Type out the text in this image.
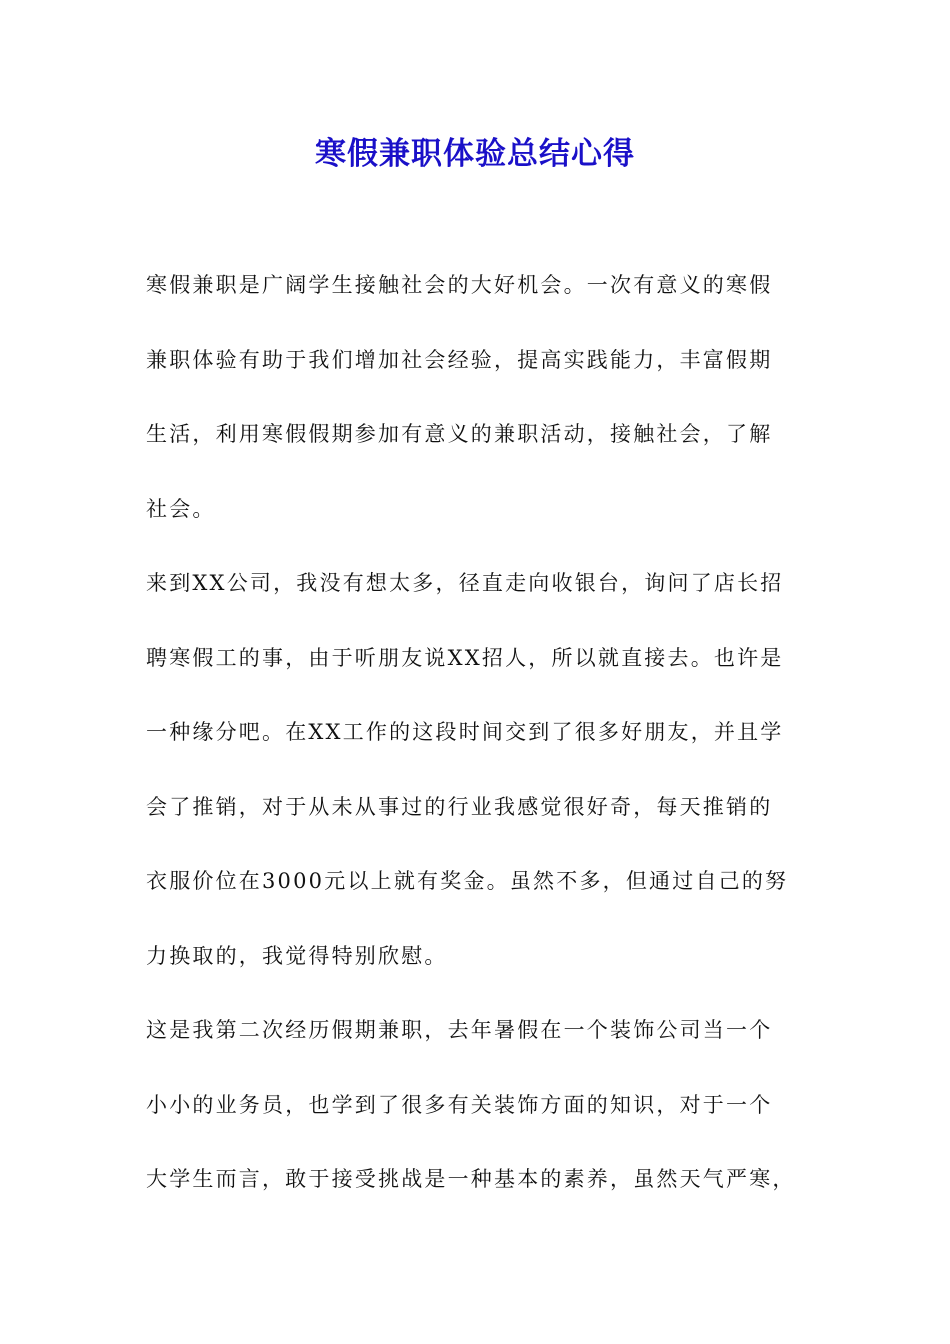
寒假兼职体验总结心得

寒假兼职是广阔学生接触社会的大好机会。一次有意义的寒假
兼职体验有助于我们增加社会经验，提高实践能力，丰富假期
生活，利用寒假假期参加有意义的兼职活动，接触社会，了解
社会。

来到XX公司，我没有想太多，径直走向收银台，询问了店长招
聘寒假工的事，由于听朋友说XX招人，所以就直接去。也许是
一种缘分吧。在XX工作的这段时间交到了很多好朋友，并且学
会了推销，对于从未从事过的行业我感觉很好奇，每天推销的
衣服价位在3000元以上就有奖金。虽然不多，但通过自己的努
力换取的，我觉得特别欣慰。

这是我第二次经历假期兼职，去年暑假在一个装饰公司当一个
小小的业务员，也学到了很多有关装饰方面的知识，对于一个
大学生而言，敢于接受挑战是一种基本的素养，虽然天气严寒，
